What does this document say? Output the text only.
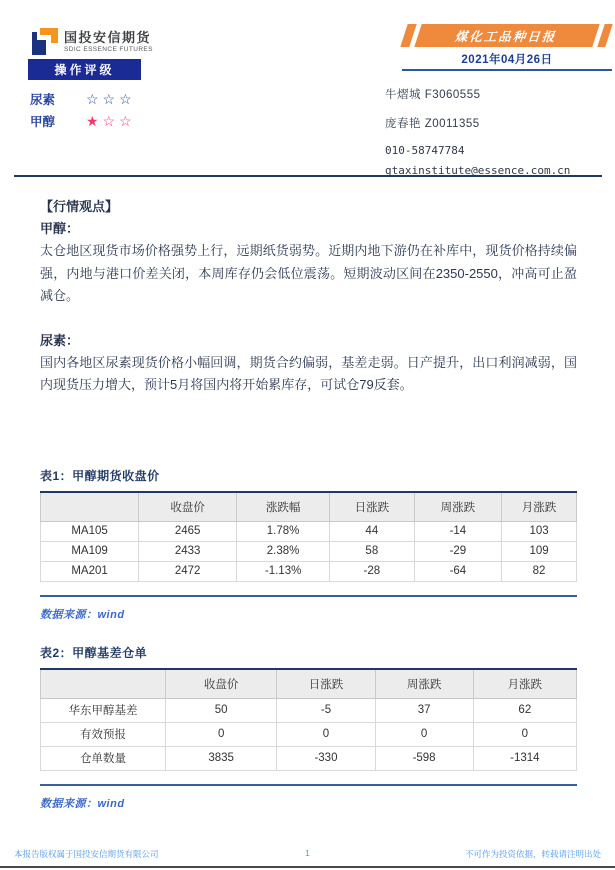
国投安信期货
SDIC ESSENCE FUTURES
操作评级
尿素	☆☆☆
甲醇	★☆☆
煤化工品种日报
2021年04月26日
牛熠城 F3060555
庞春艳 Z0011355
010-58747784
gtaxinstitute@essence.com.cn
【行情观点】
甲醇：
太仓地区现货市场价格强势上行，远期纸货弱势。近期内地下游仍在补库中，现货价格持续偏强，内地与港口价差关闭，本周库存仍会低位震荡。短期波动区间在2350-2550，冲高可止盈减仓。
尿素：
国内各地区尿素现货价格小幅回调，期货合约偏弱，基差走弱。日产提升，出口利润减弱，国内现货压力增大，预计5月将国内将开始累库存，可试仓79反套。
表1：甲醇期货收盘价
	收盘价	涨跌幅	日涨跌	周涨跌	月涨跌
MA105	2465	1.78%	44	-14	103
MA109	2433	2.38%	58	-29	109
MA201	2472	-1.13%	-28	-64	82
数据来源：wind
表2：甲醇基差仓单
	收盘价	日涨跌	周涨跌	月涨跌
华东甲醇基差	50	-5	37	62
有效预报	0	0	0	0
仓单数量	3835	-330	-598	-1314
数据来源：wind
本报告版权属于国投安信期货有限公司	1	不可作为投资依据，转载请注明出处
